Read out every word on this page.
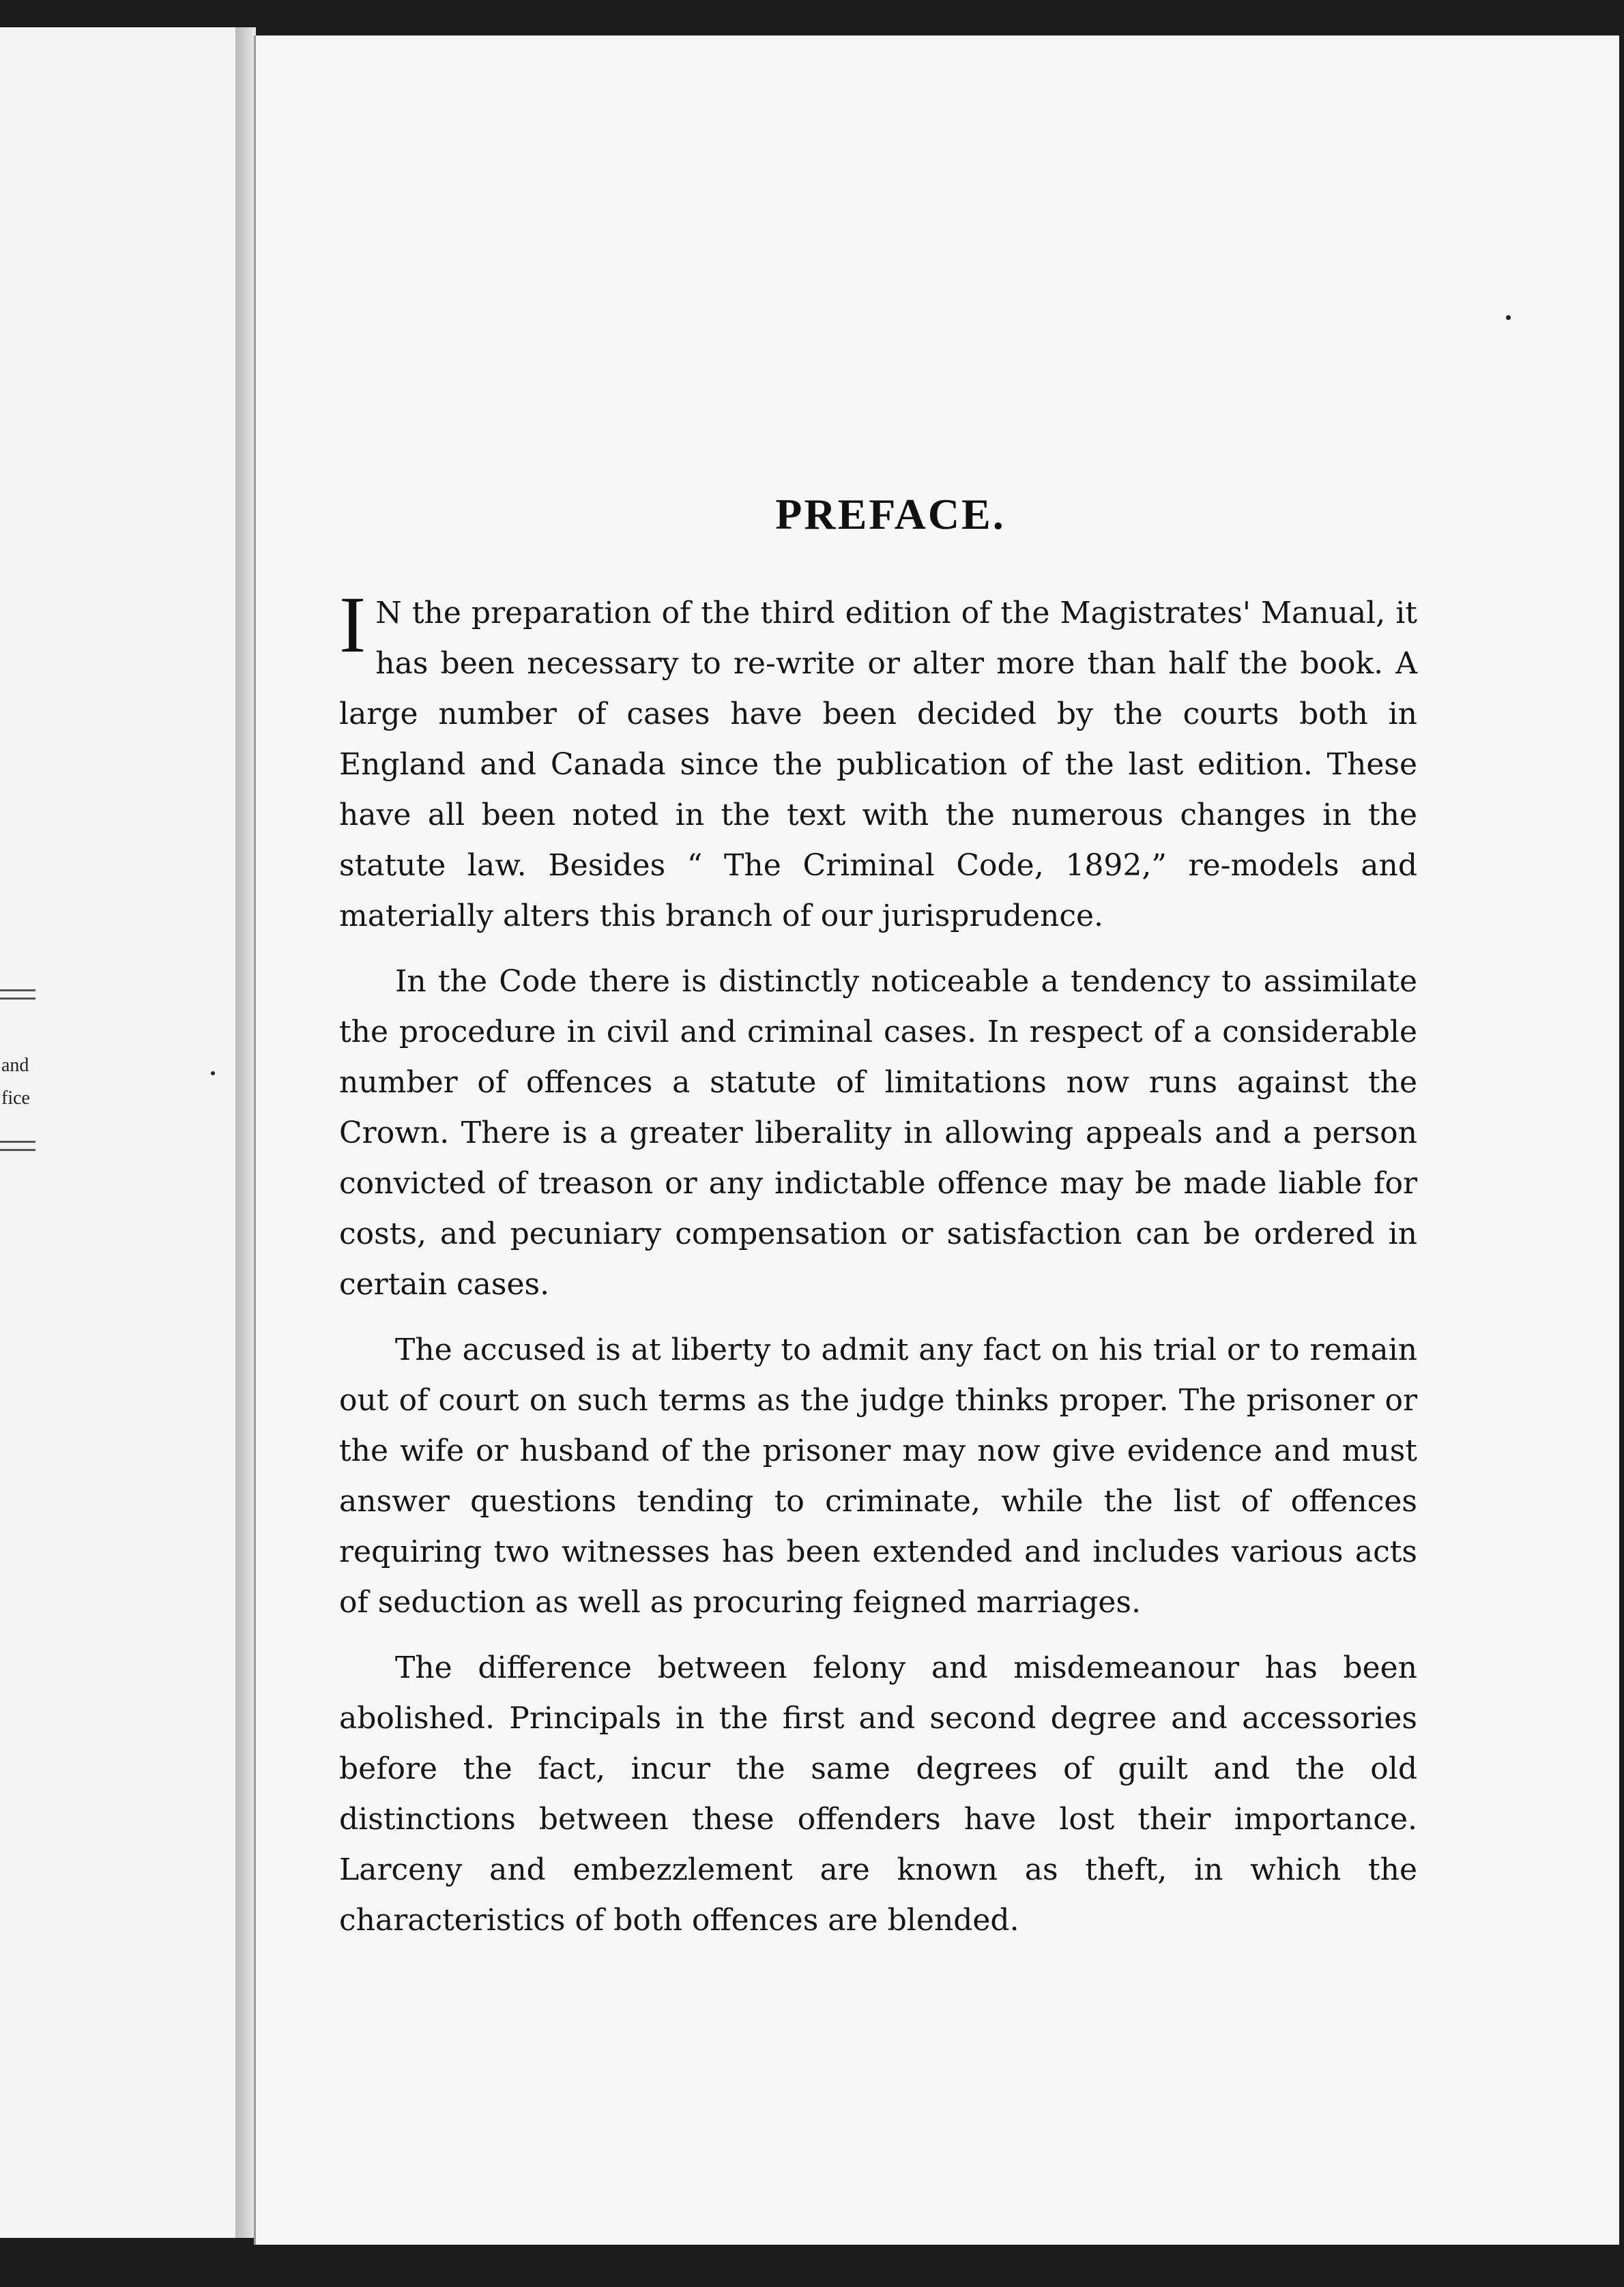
and
fice
PREFACE.

I N the preparation of the third edition of the Magistrates' Manual, it has been necessary to re-write or alter more than half the book. A large number of cases have been decided by the courts both in England and Canada since the publication of the last edition. These have all been noted in the text with the numerous changes in the statute law. Besides “ The Criminal Code, 1892,” re-models and materially alters this branch of our jurisprudence.

In the Code there is distinctly noticeable a tendency to assimilate the procedure in civil and criminal cases. In respect of a considerable number of offences a statute of limitations now runs against the Crown. There is a greater liberality in allowing appeals and a person convicted of treason or any indictable offence may be made liable for costs, and pecuniary compensation or satisfaction can be ordered in certain cases.

The accused is at liberty to admit any fact on his trial or to remain out of court on such terms as the judge thinks proper. The prisoner or the wife or husband of the prisoner may now give evidence and must answer questions tending to criminate, while the list of offences requiring two witnesses has been extended and includes various acts of seduction as well as procuring feigned marriages.

The difference between felony and misdemeanour has been abolished. Principals in the first and second degree and accessories before the fact, incur the same degrees of guilt and the old distinctions between these offenders have lost their importance. Larceny and embezzlement are known as theft, in which the characteristics of both offences are blended.
